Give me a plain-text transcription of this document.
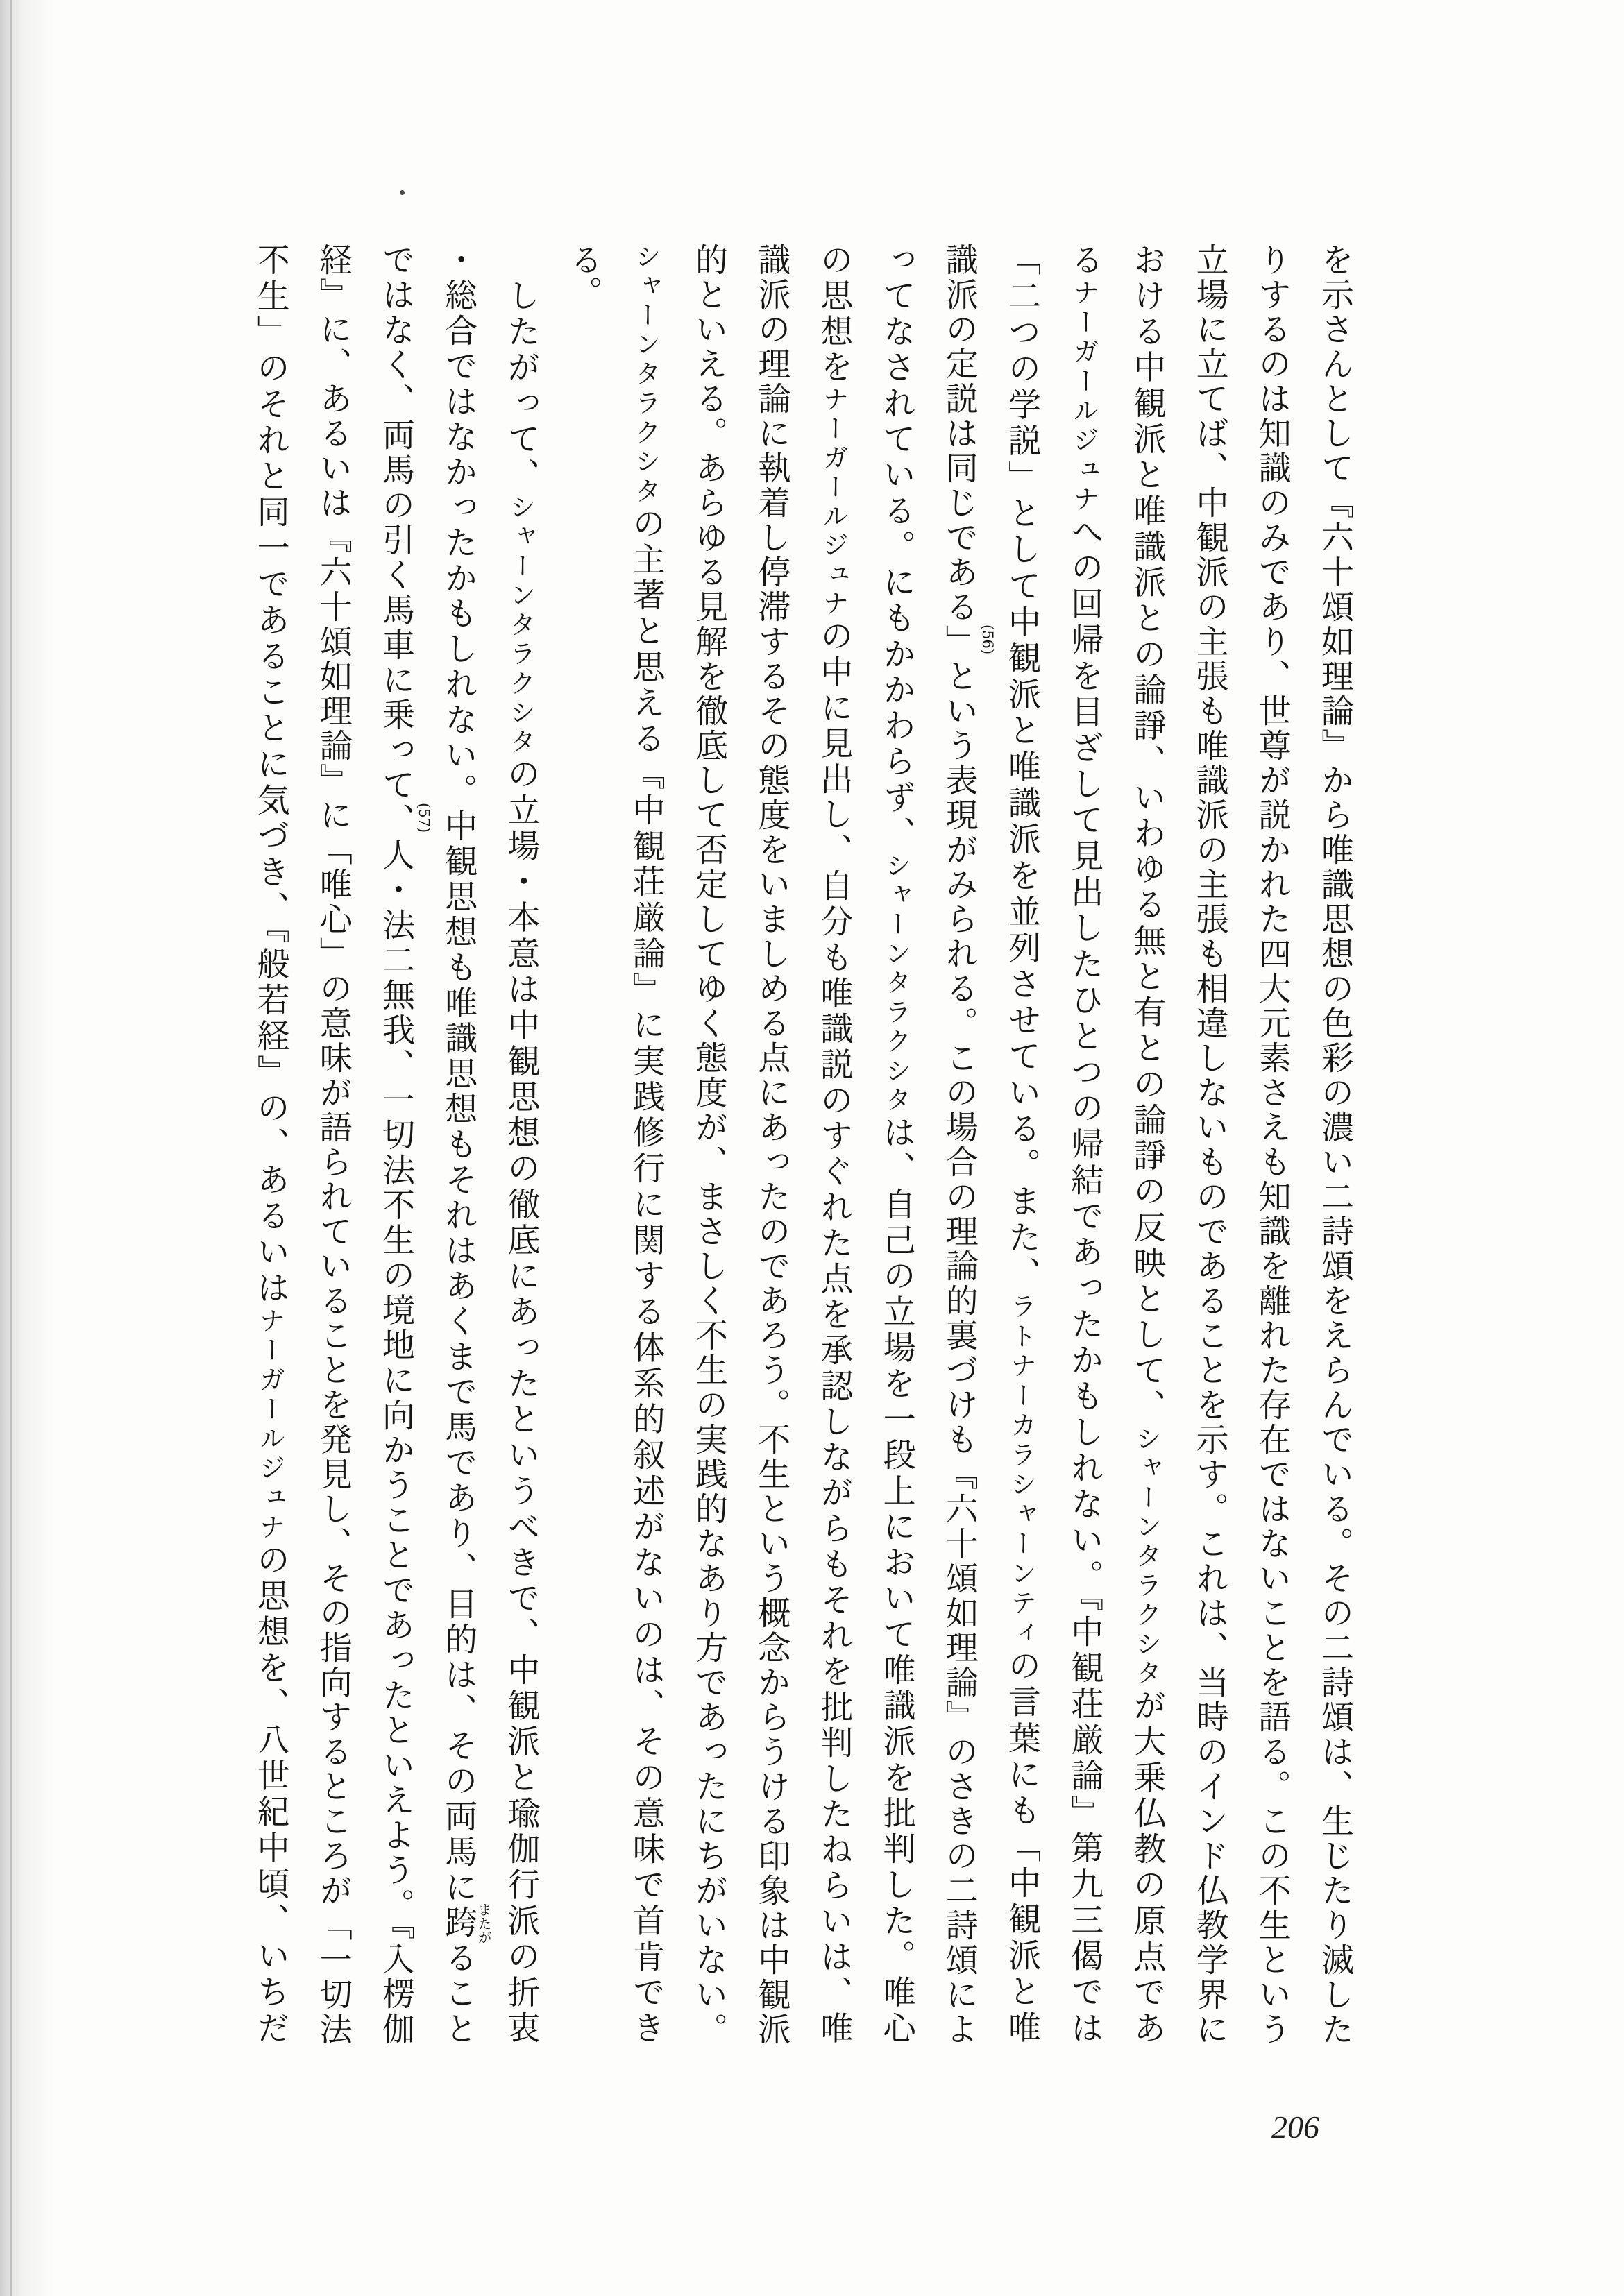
を示さんとして『六十頌如理論』から唯識思想の色彩の濃い二詩頌をえらんでいる。その二詩頌は、生じたり滅した
りするのは知識のみであり、世尊が説かれた四大元素さえも知識を離れた存在ではないことを語る。この不生という
立場に立てば、中観派の主張も唯識派の主張も相違しないものであることを示す。これは、当時のインド仏教学界に
おける中観派と唯識派との論諍、いわゆる無と有との論諍の反映として、シャーンタラクシタが大乗仏教の原点であ
るナーガールジュナへの回帰を目ざして見出したひとつの帰結であったかもしれない。『中観荘厳論』第九三偈では
「二つの学説」として中観派と唯識派を並列させている。また、ラトナーカラシャーンティの言葉にも「中観派と唯
識派の定説は同じである」 (56)
という表現がみられる。この場合の理論的裏づけも『六十頌如理論』のさきの二詩頌によ
ってなされている。にもかかわらず、シャーンタラクシタは、自己の立場を一段上において唯識派を批判した。唯心
の思想をナーガールジュナの中に見出し、自分も唯識説のすぐれた点を承認しながらもそれを批判したねらいは、唯
識派の理論に執着し停滞するその態度をいましめる点にあったのであろう。不生という概念からうける印象は中観派
的といえる。あらゆる見解を徹底して否定してゆく態度が、まさしく不生の実践的なあり方であったにちがいない。
シャーンタラクシタの主著と思える『中観荘厳論』に実践修行に関する体系的叙述がないのは、その意味で首肯でき
る。
　したがって、シャーンタラクシタの立場・本意は中観思想の徹底にあったというべきで、中観派と瑜伽行派の折衷
・総合ではなかったかもしれない。中観思想も唯識思想もそれはあくまで馬であり、目的は、その両馬に跨
またが
ること
ではなく、両馬の引く馬車に乗って、 (57)
人・法二無我、一切法不生の境地に向かうことであったといえよう。『入楞伽
経』に、あるいは『六十頌如理論』に「唯心」の意味が語られていることを発見し、その指向するところが「一切法
不生」のそれと同一であることに気づき、『般若経』の、あるいはナーガールジュナの思想を、八世紀中頃、いちだ
206
